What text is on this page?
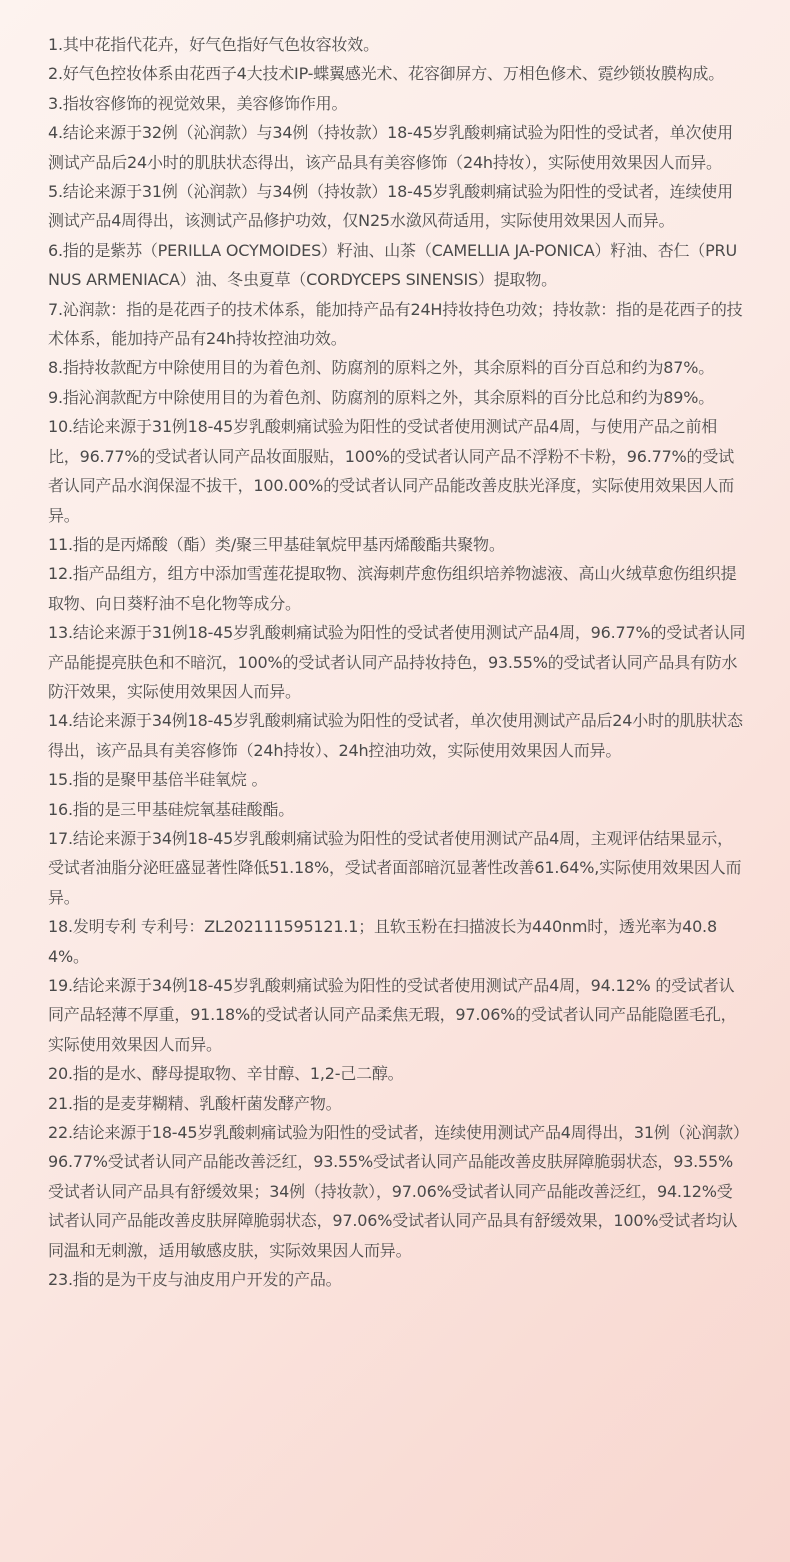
1.其中花指代花卉，好气色指好气色妆容妆效。
2.好气色控妆体系由花西子4大技术IP-蝶翼感光术、花容御屏方、万相色修术、霓纱锁妆膜构成。
3.指妆容修饰的视觉效果，美容修饰作用。
4.结论来源于32例（沁润款）与34例（持妆款）18-45岁乳酸刺痛试验为阳性的受试者，单次使用测试产品后24小时的肌肤状态得出，该产品具有美容修饰（24h持妆），实际使用效果因人而异。
5.结论来源于31例（沁润款）与34例（持妆款）18-45岁乳酸刺痛试验为阳性的受试者，连续使用测试产品4周得出，该测试产品修护功效，仅N25水潋风荷适用，实际使用效果因人而异。
6.指的是紫苏（PERILLA OCYMOIDES）籽油、山茶（CAMELLIA JA-PONICA）籽油、杏仁（PRUNUS ARMENIACA）油、冬虫夏草（CORDYCEPS SINENSIS）提取物。
7.沁润款：指的是花西子的技术体系，能加持产品有24H持妆持色功效；持妆款：指的是花西子的技术体系，能加持产品有24h持妆控油功效。
8.指持妆款配方中除使用目的为着色剂、防腐剂的原料之外，其余原料的百分百总和约为87%。
9.指沁润款配方中除使用目的为着色剂、防腐剂的原料之外，其余原料的百分比总和约为89%。
10.结论来源于31例18-45岁乳酸刺痛试验为阳性的受试者使用测试产品4周，与使用产品之前相比，96.77%的受试者认同产品妆面服贴，100%的受试者认同产品不浮粉不卡粉，96.77%的受试者认同产品水润保湿不拔干，100.00%的受试者认同产品能改善皮肤光泽度，实际使用效果因人而异。
11.指的是丙烯酸（酯）类/聚三甲基硅氧烷甲基丙烯酸酯共聚物。
12.指产品组方，组方中添加雪莲花提取物、滨海刺芹愈伤组织培养物滤液、高山火绒草愈伤组织提取物、向日葵籽油不皂化物等成分。
13.结论来源于31例18-45岁乳酸刺痛试验为阳性的受试者使用测试产品4周，96.77%的受试者认同产品能提亮肤色和不暗沉，100%的受试者认同产品持妆持色，93.55%的受试者认同产品具有防水防汗效果，实际使用效果因人而异。
14.结论来源于34例18-45岁乳酸刺痛试验为阳性的受试者，单次使用测试产品后24小时的肌肤状态得出，该产品具有美容修饰（24h持妆）、24h控油功效，实际使用效果因人而异。
15.指的是聚甲基倍半硅氧烷 。
16.指的是三甲基硅烷氧基硅酸酯。
17.结论来源于34例18-45岁乳酸刺痛试验为阳性的受试者使用测试产品4周，主观评估结果显示，受试者油脂分泌旺盛显著性降低51.18%，受试者面部暗沉显著性改善61.64%,实际使用效果因人而异。
18.发明专利 专利号：ZL202111595121.1；且软玉粉在扫描波长为440nm时，透光率为40.84%。
19.结论来源于34例18-45岁乳酸刺痛试验为阳性的受试者使用测试产品4周，94.12% 的受试者认同产品轻薄不厚重，91.18%的受试者认同产品柔焦无瑕，97.06%的受试者认同产品能隐匿毛孔，实际使用效果因人而异。
20.指的是水、酵母提取物、辛甘醇、1,2-己二醇。
21.指的是麦芽糊精、乳酸杆菌发酵产物。
22.结论来源于18-45岁乳酸刺痛试验为阳性的受试者，连续使用测试产品4周得出，31例（沁润款）96.77%受试者认同产品能改善泛红，93.55%受试者认同产品能改善皮肤屏障脆弱状态，93.55%受试者认同产品具有舒缓效果；34例（持妆款），97.06%受试者认同产品能改善泛红，94.12%受试者认同产品能改善皮肤屏障脆弱状态，97.06%受试者认同产品具有舒缓效果，100%受试者均认同温和无刺激，适用敏感皮肤，实际效果因人而异。
23.指的是为干皮与油皮用户开发的产品。
